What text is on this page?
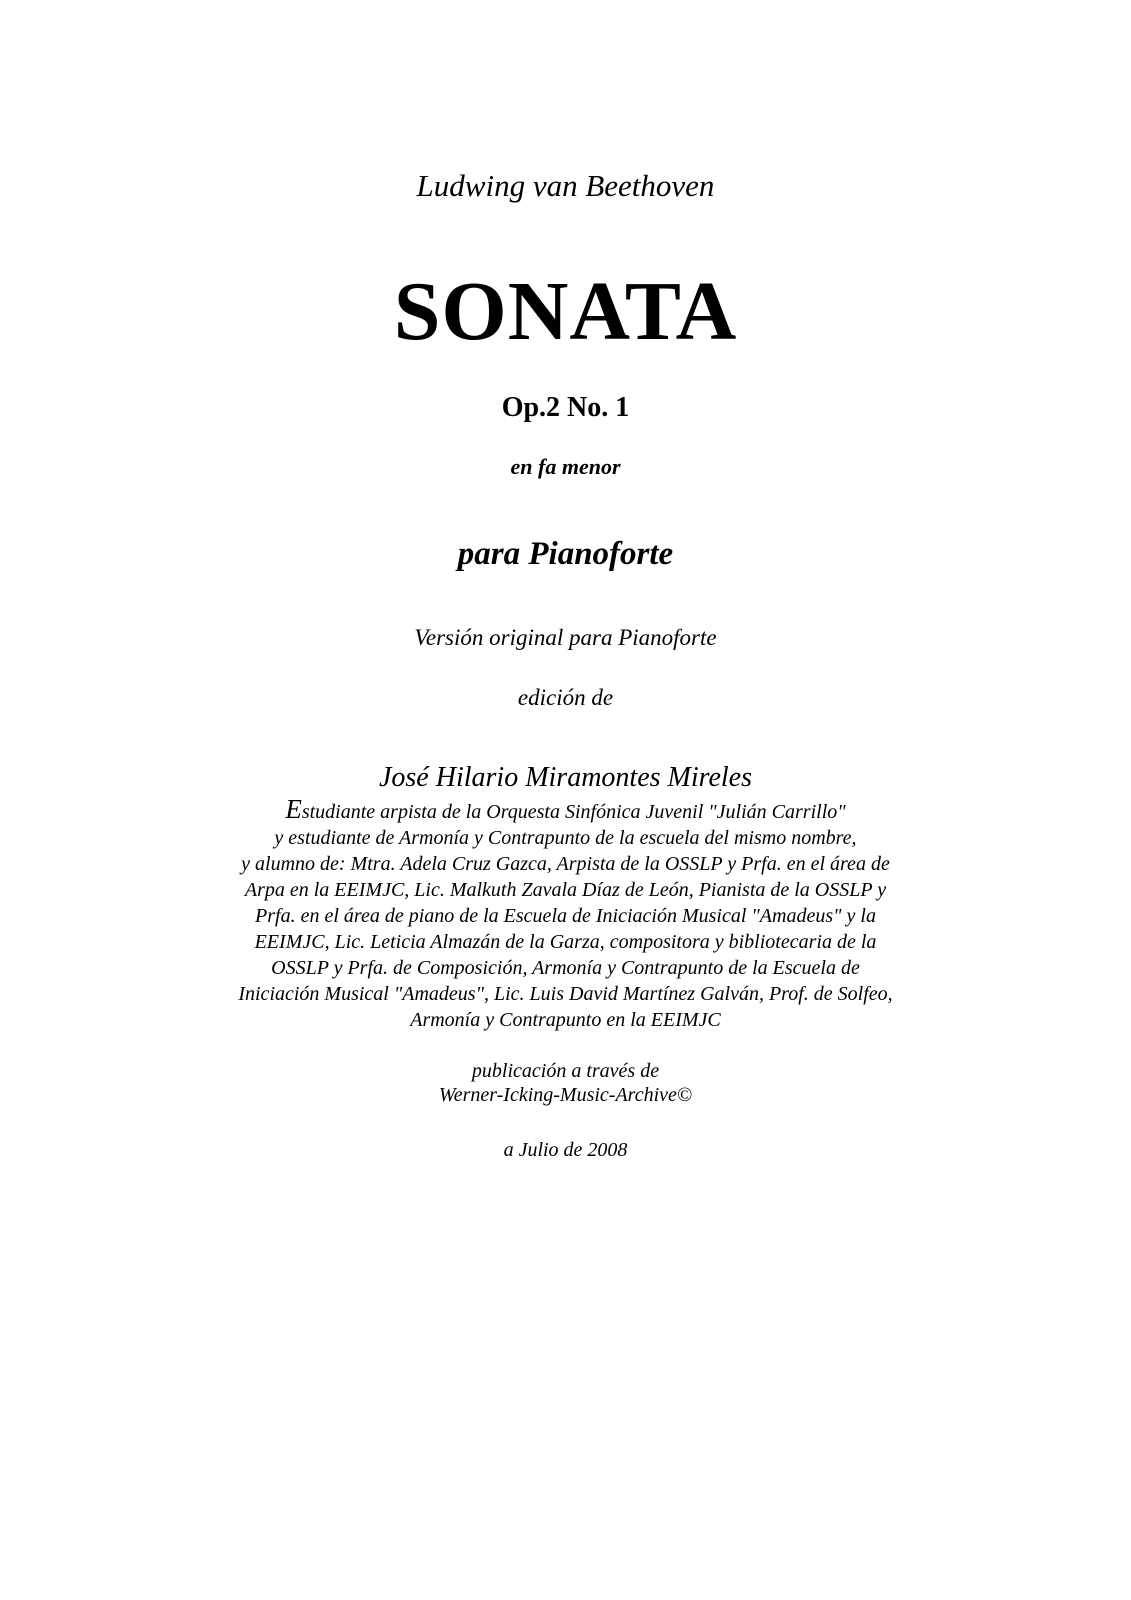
Ludwing van Beethoven

SONATA

Op.2 No. 1

en fa menor

para Pianoforte

Versión original para Pianoforte

edición de

José Hilario Miramontes Mireles

Estudiante arpista de la Orquesta Sinfónica Juvenil "Julián Carrillo"
y estudiante de Armonía y Contrapunto de la escuela del mismo nombre,
y alumno de: Mtra. Adela Cruz Gazca, Arpista de la OSSLP y Prfa. en el área de
Arpa en la EEIMJC, Lic. Malkuth Zavala Díaz de León, Pianista de la OSSLP y
Prfa. en el área de piano de la Escuela de Iniciación Musical "Amadeus" y la
EEIMJC, Lic. Leticia Almazán de la Garza, compositora y bibliotecaria de la
OSSLP y Prfa. de Composición, Armonía y Contrapunto de la Escuela de
Iniciación Musical "Amadeus", Lic. Luis David Martínez Galván, Prof. de Solfeo,
Armonía y Contrapunto en la EEIMJC

publicación a través de
Werner-Icking-Music-Archive©

a Julio de 2008
